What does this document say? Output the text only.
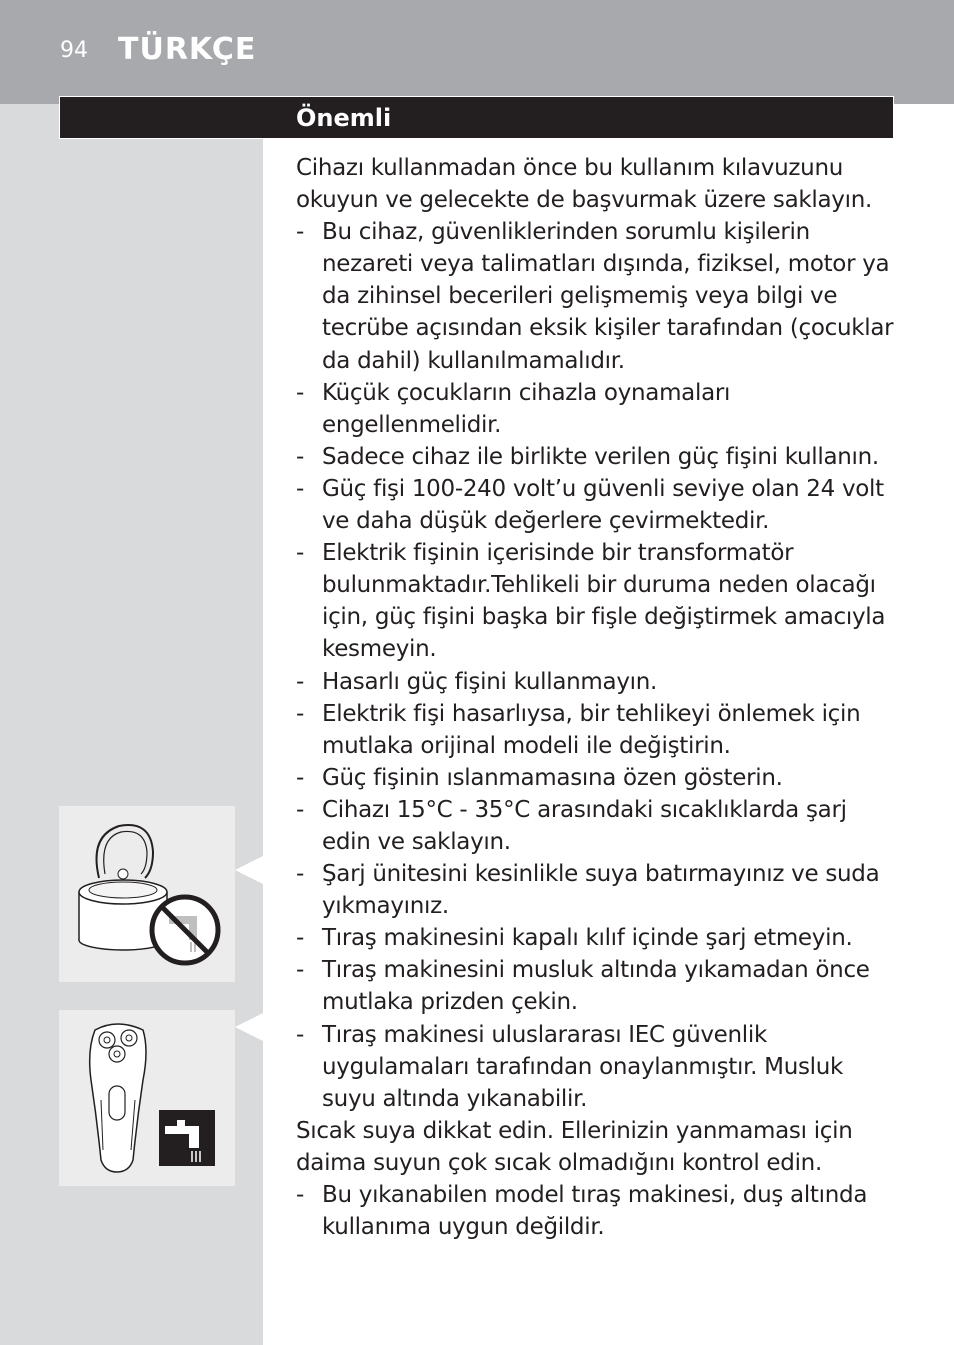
94 TÜRKÇE
Önemli

Cihazı kullanmadan önce bu kullanım kılavuzunu okuyun ve gelecekte de başvurmak üzere saklayın.

- Bu cihaz, güvenliklerinden sorumlu kişilerin nezareti veya talimatları dışında, fiziksel, motor ya da zihinsel becerileri gelişmemiş veya bilgi ve tecrübe açısından eksik kişiler tarafından (çocuklar da dahil) kullanılmamalıdır.
- Küçük çocukların cihazla oynamaları engellenmelidir.
- Sadece cihaz ile birlikte verilen güç fişini kullanın.
- Güç fişi 100-240 volt’u güvenli seviye olan 24 volt ve daha düşük değerlere çevirmektedir.
- Elektrik fişinin içerisinde bir transformatör bulunmaktadır.Tehlikeli bir duruma neden olacağı için, güç fişini başka bir fişle değiştirmek amacıyla kesmeyin.
- Hasarlı güç fişini kullanmayın.
- Elektrik fişi hasarlıysa, bir tehlikeyi önlemek için mutlaka orijinal modeli ile değiştirin.
- Güç fişinin ıslanmamasına özen gösterin.
- Cihazı 15°C - 35°C arasındaki sıcaklıklarda şarj edin ve saklayın.
- Şarj ünitesini kesinlikle suya batırmayınız ve suda yıkmayınız.
- Tıraş makinesini kapalı kılıf içinde şarj etmeyin.
- Tıraş makinesini musluk altında yıkamadan önce mutlaka prizden çekin.
- Tıraş makinesi uluslararası IEC güvenlik uygulamaları tarafından onaylanmıştır. Musluk suyu altında yıkanabilir.

Sıcak suya dikkat edin. Ellerinizin yanmaması için daima suyun çok sıcak olmadığını kontrol edin.

- Bu yıkanabilen model tıraş makinesi, duş altında kullanıma uygun değildir.
